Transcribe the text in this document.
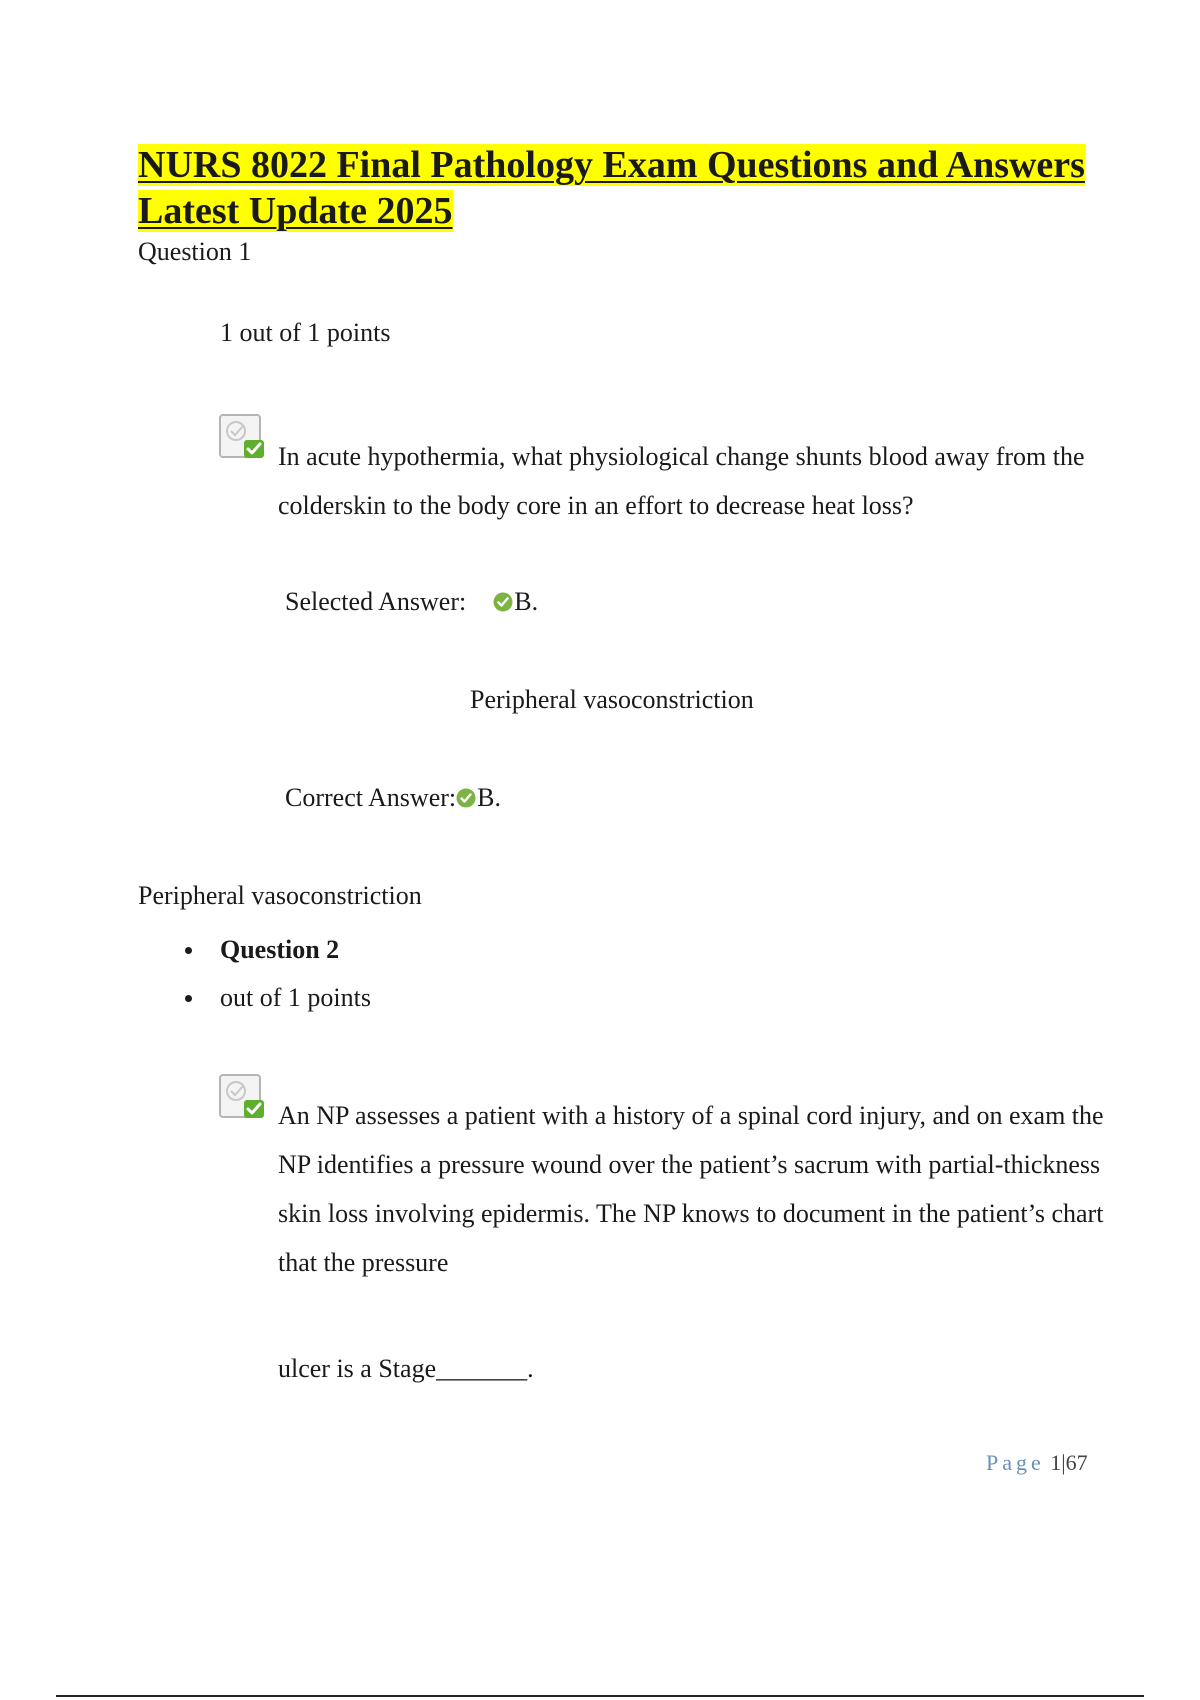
NURS 8022 Final Pathology Exam Questions and Answers
Latest Update 2025
Question 1
1 out of 1 points
In acute hypothermia, what physiological change shunts blood away from the colderskin to the body core in an effort to decrease heat loss?
Selected Answer: B.
Peripheral vasoconstriction
Correct Answer: B.
Peripheral vasoconstriction
Question 2
out of 1 points
An NP assesses a patient with a history of a spinal cord injury, and on exam the NP identifies a pressure wound over the patient’s sacrum with partial-thickness skin loss involving epidermis. The NP knows to document in the patient’s chart that the pressure
ulcer is a Stage_______.
Page 1|67
